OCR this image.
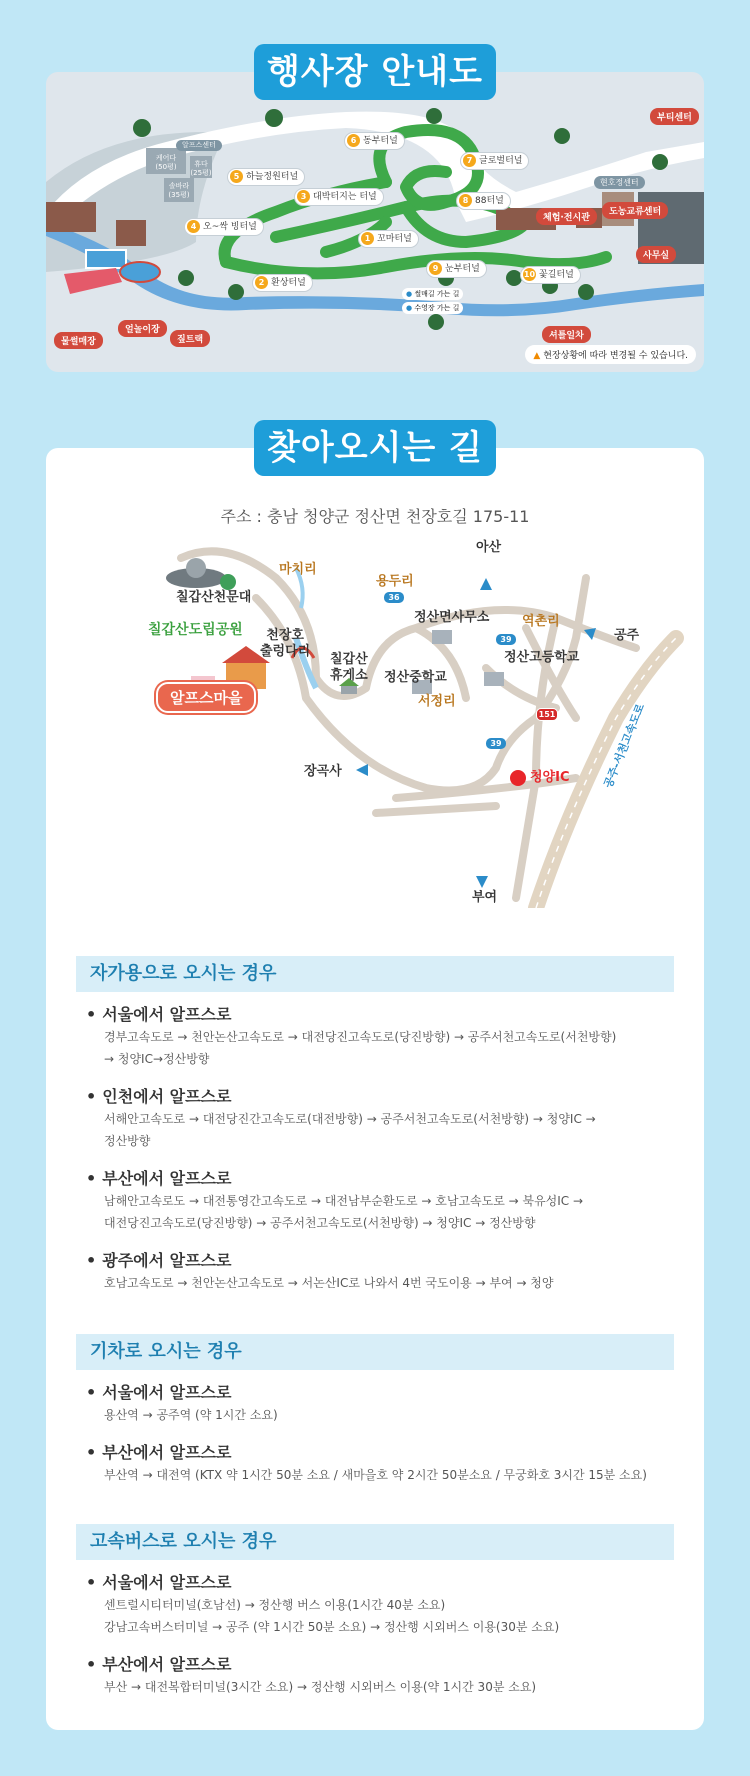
행사장 안내도
5 하늘정원터널
6 동부터널
7 글로벌터널
3 대박터지는 터널	8 88터널
4 오~싹 빙터널
1 꼬마터널
9 눈부터널
2 환상터널
10 꽃길터널
알프스센터
케어다
(50평)	휴다
(25평)
솔바라
(35평)
현호정센터
부티센터
체험·전시관
도농교류센터
사무실
물썰매장
얼놀이장
짚트랙	셔틀일차
● 썰매길 가는 길
● 수영장 가는 길
▲ 현장상황에 따라 변경될 수 있습니다.
찾아오시는 길
주소 : 충남 청양군 정산면 천장호길 175-11
칠갑산천문대
칠갑산도립공원
마치리
용두리
아산
천장호
출렁다리
칠갑산
휴게소
정산면사무소	역촌리
공주
정산고등학교
정산중학교
서정리
알프스마을
장곡사	청양IC
부여
공주-서천고속도로
36
39
39
151
자가용으로 오시는 경우
• 서울에서 알프스로
경부고속도로 → 천안논산고속도로 → 대전당진고속도로(당진방향) → 공주서천고속도로(서천방향)
→ 청양IC→정산방향
• 인천에서 알프스로
서해안고속도로 → 대전당진간고속도로(대전방향) → 공주서천고속도로(서천방향) → 청양IC →
정산방향
• 부산에서 알프스로
남해안고속로도 → 대전통영간고속도로 → 대전남부순환도로 → 호남고속도로 → 북유성IC →
대전당진고속도로(당진방향) → 공주서천고속도로(서천방향) → 청양IC → 정산방향
• 광주에서 알프스로
호남고속도로 → 천안논산고속도로 → 서논산IC로 나와서 4번 국도이용 → 부여 → 청양
기차로 오시는 경우
• 서울에서 알프스로
용산역 → 공주역 (약 1시간 소요)
• 부산에서 알프스로
부산역 → 대전역 (KTX 약 1시간 50분 소요 / 새마을호 약 2시간 50분소요 / 무궁화호 3시간 15분 소요)
고속버스로 오시는 경우
• 서울에서 알프스로
센트럴시티터미널(호남선) → 정산행 버스 이용(1시간 40분 소요)
강남고속버스터미널 → 공주 (약 1시간 50분 소요) → 정산행 시외버스 이용(30분 소요)
• 부산에서 알프스로
부산 → 대전복합터미널(3시간 소요) → 정산행 시외버스 이용(약 1시간 30분 소요)
